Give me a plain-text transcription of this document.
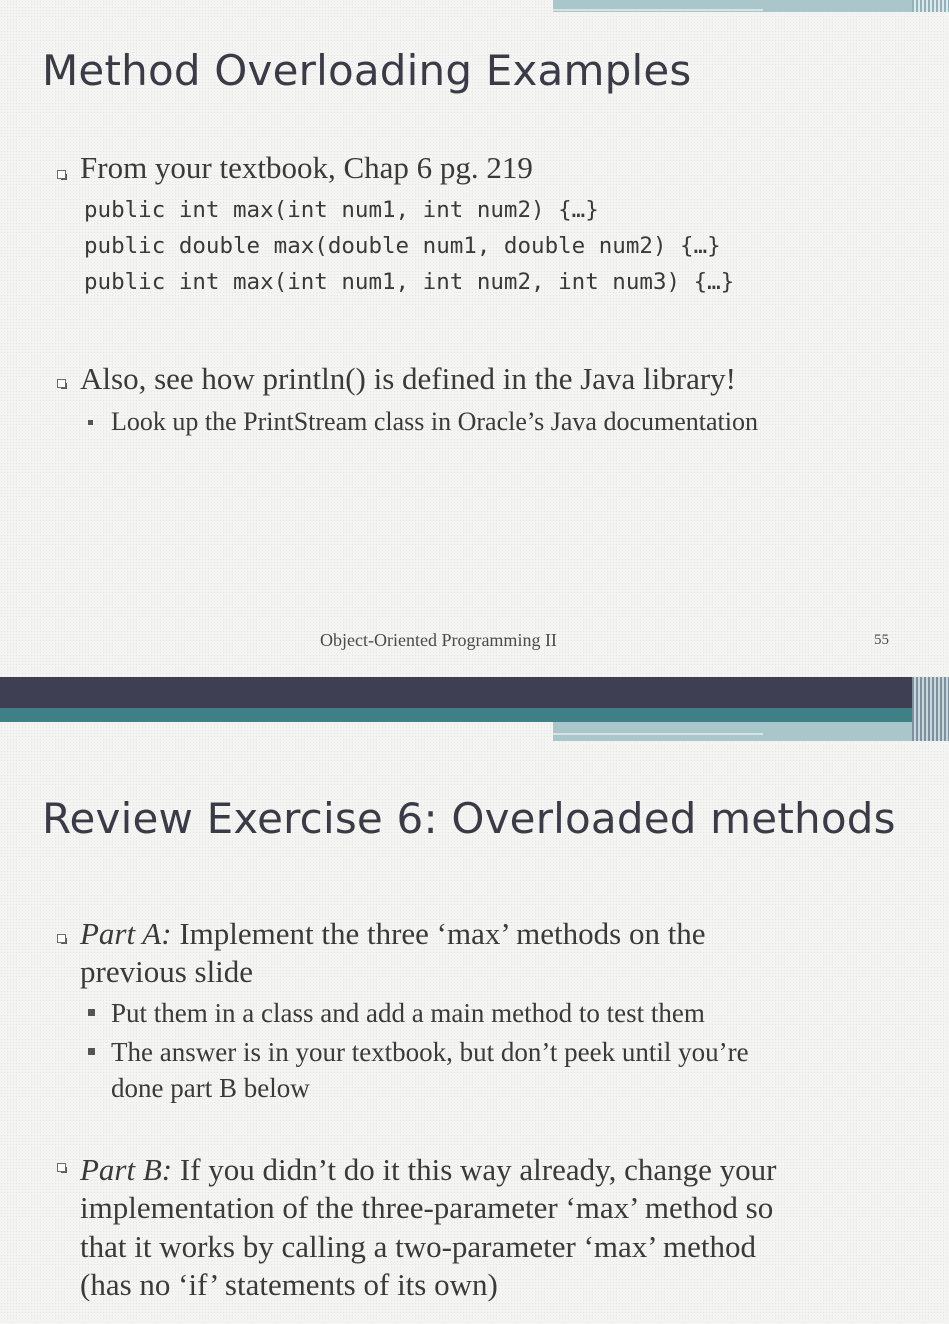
Method Overloading Examples
From your textbook, Chap 6 pg. 219
public int max(int num1, int num2) {…}
public double max(double num1, double num2) {…}
public int max(int num1, int num2, int num3) {…}
Also, see how println() is defined in the Java library!
Look up the PrintStream class in Oracle’s Java documentation
Object-Oriented Programming II	55
Review Exercise 6: Overloaded methods
Part A: Implement the three ‘max’ methods on the
previous slide
Put them in a class and add a main method to test them
The answer is in your textbook, but don’t peek until you’re
done part B below
Part B: If you didn’t do it this way already, change your
implementation of the three-parameter ‘max’ method so
that it works by calling a two-parameter ‘max’ method
(has no ‘if’ statements of its own)
